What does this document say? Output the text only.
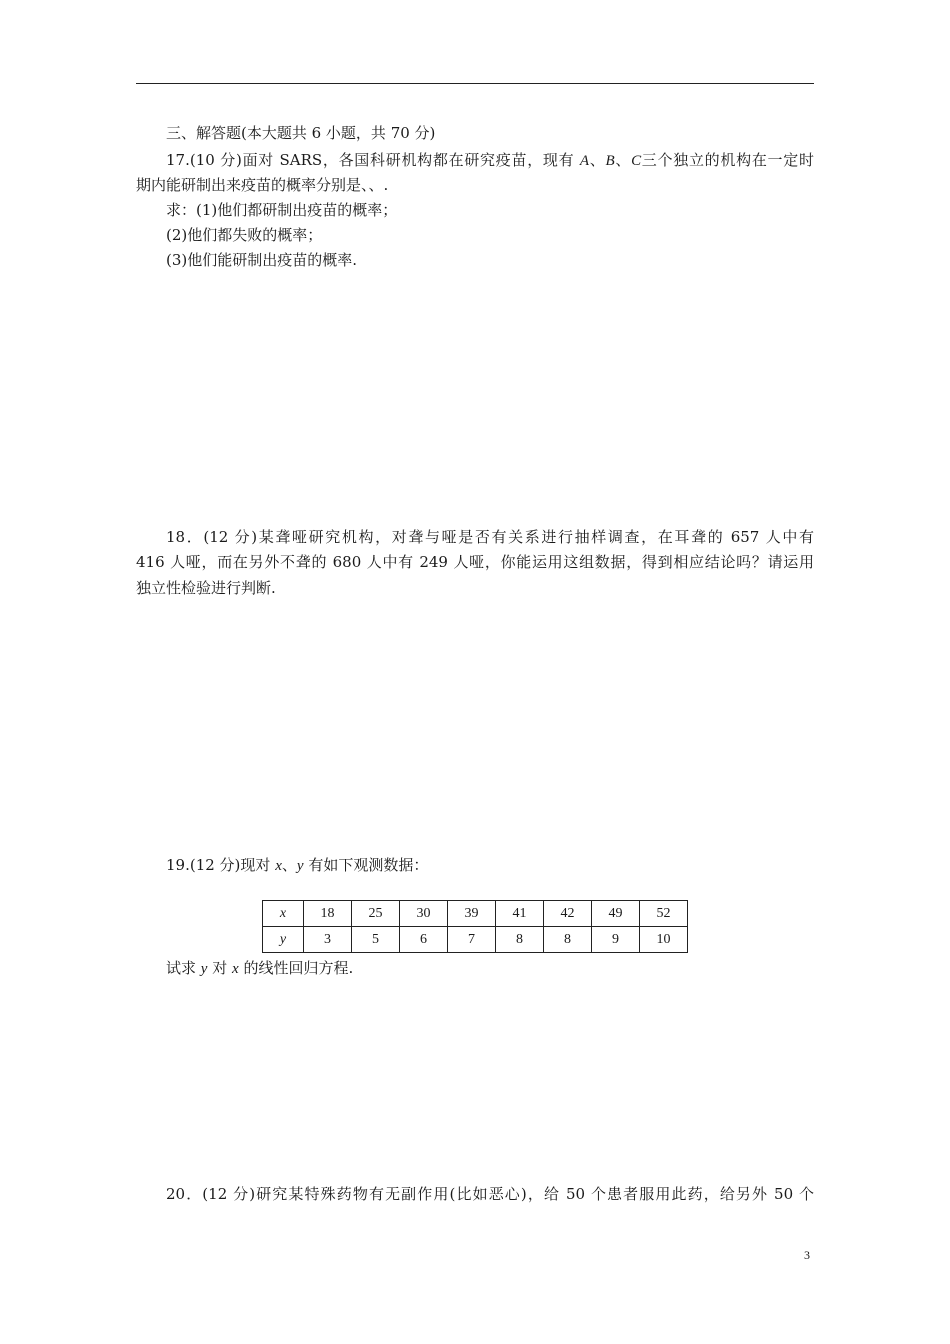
三、解答题(本大题共 6 小题，共 70 分)
17.(10 分)面对 SARS，各国科研机构都在研究疫苗，现有 A、B、C三个独立的机构在一定时
期内能研制出来疫苗的概率分别是、、.
求：(1)他们都研制出疫苗的概率；
(2)他们都失败的概率；
(3)他们能研制出疫苗的概率.
18．(12 分)某聋哑研究机构，对聋与哑是否有关系进行抽样调查，在耳聋的 657 人中有
416 人哑，而在另外不聋的 680 人中有 249 人哑，你能运用这组数据，得到相应结论吗？请运用
独立性检验进行判断.
19.(12 分)现对 x、y 有如下观测数据：
x	18	25	30	39	41	42	49	52
y	3	5	6	7	8	8	9	10
试求 y 对 x 的线性回归方程.
20．(12 分)研究某特殊药物有无副作用(比如恶心)，给 50 个患者服用此药，给另外 50 个
3
